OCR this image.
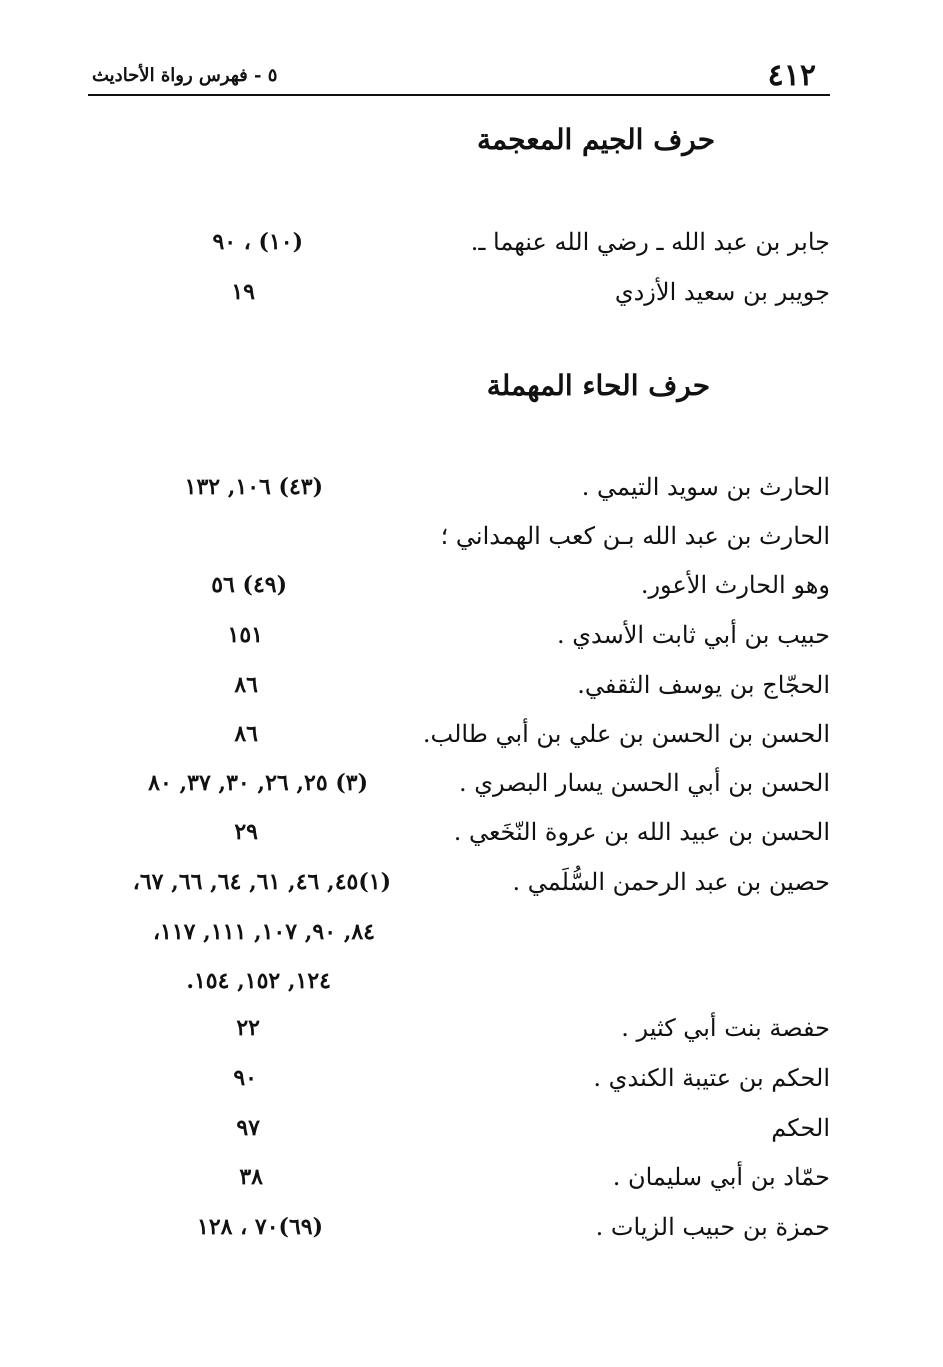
٤١٢
٥ - فهرس رواة الأحاديث
حرف الجيم المعجمة
جابر بن عبد الله ـ رضي الله عنهما ـ.
(١٠) ، ٩٠
جويبر بن سعيد الأزدي
١٩
حرف الحاء المهملة
الحارث بن سويد التيمي .
(٤٣) ١٠٦, ١٣٢
الحارث بن عبد الله بـن كعب الهمداني ؛
وهو الحارث الأعور.
(٤٩) ٥٦
حبيب بن أبي ثابت الأسدي .
١٥١
الحجّاج بن يوسف الثقفي.
٨٦
الحسن بن الحسن بن علي بن أبي طالب.
٨٦
الحسن بن أبي الحسن يسار البصري .
(٣) ٢٥, ٢٦, ٣٠, ٣٧, ٨٠
الحسن بن عبيد الله بن عروة النّخَعي .
٢٩
حصين بن عبد الرحمن السُّلَمي .
(١)٤٥, ٤٦, ٦١, ٦٤, ٦٦, ٦٧،
٨٤, ٩٠, ١٠٧, ١١١, ١١٧،
١٢٤, ١٥٢, ١٥٤.
حفصة بنت أبي كثير .
٢٢
الحكم بن عتيبة الكندي .
٩٠
الحكم
٩٧
حمّاد بن أبي سليمان .
٣٨
حمزة بن حبيب الزيات .
(٦٩)٧٠ ، ١٢٨
